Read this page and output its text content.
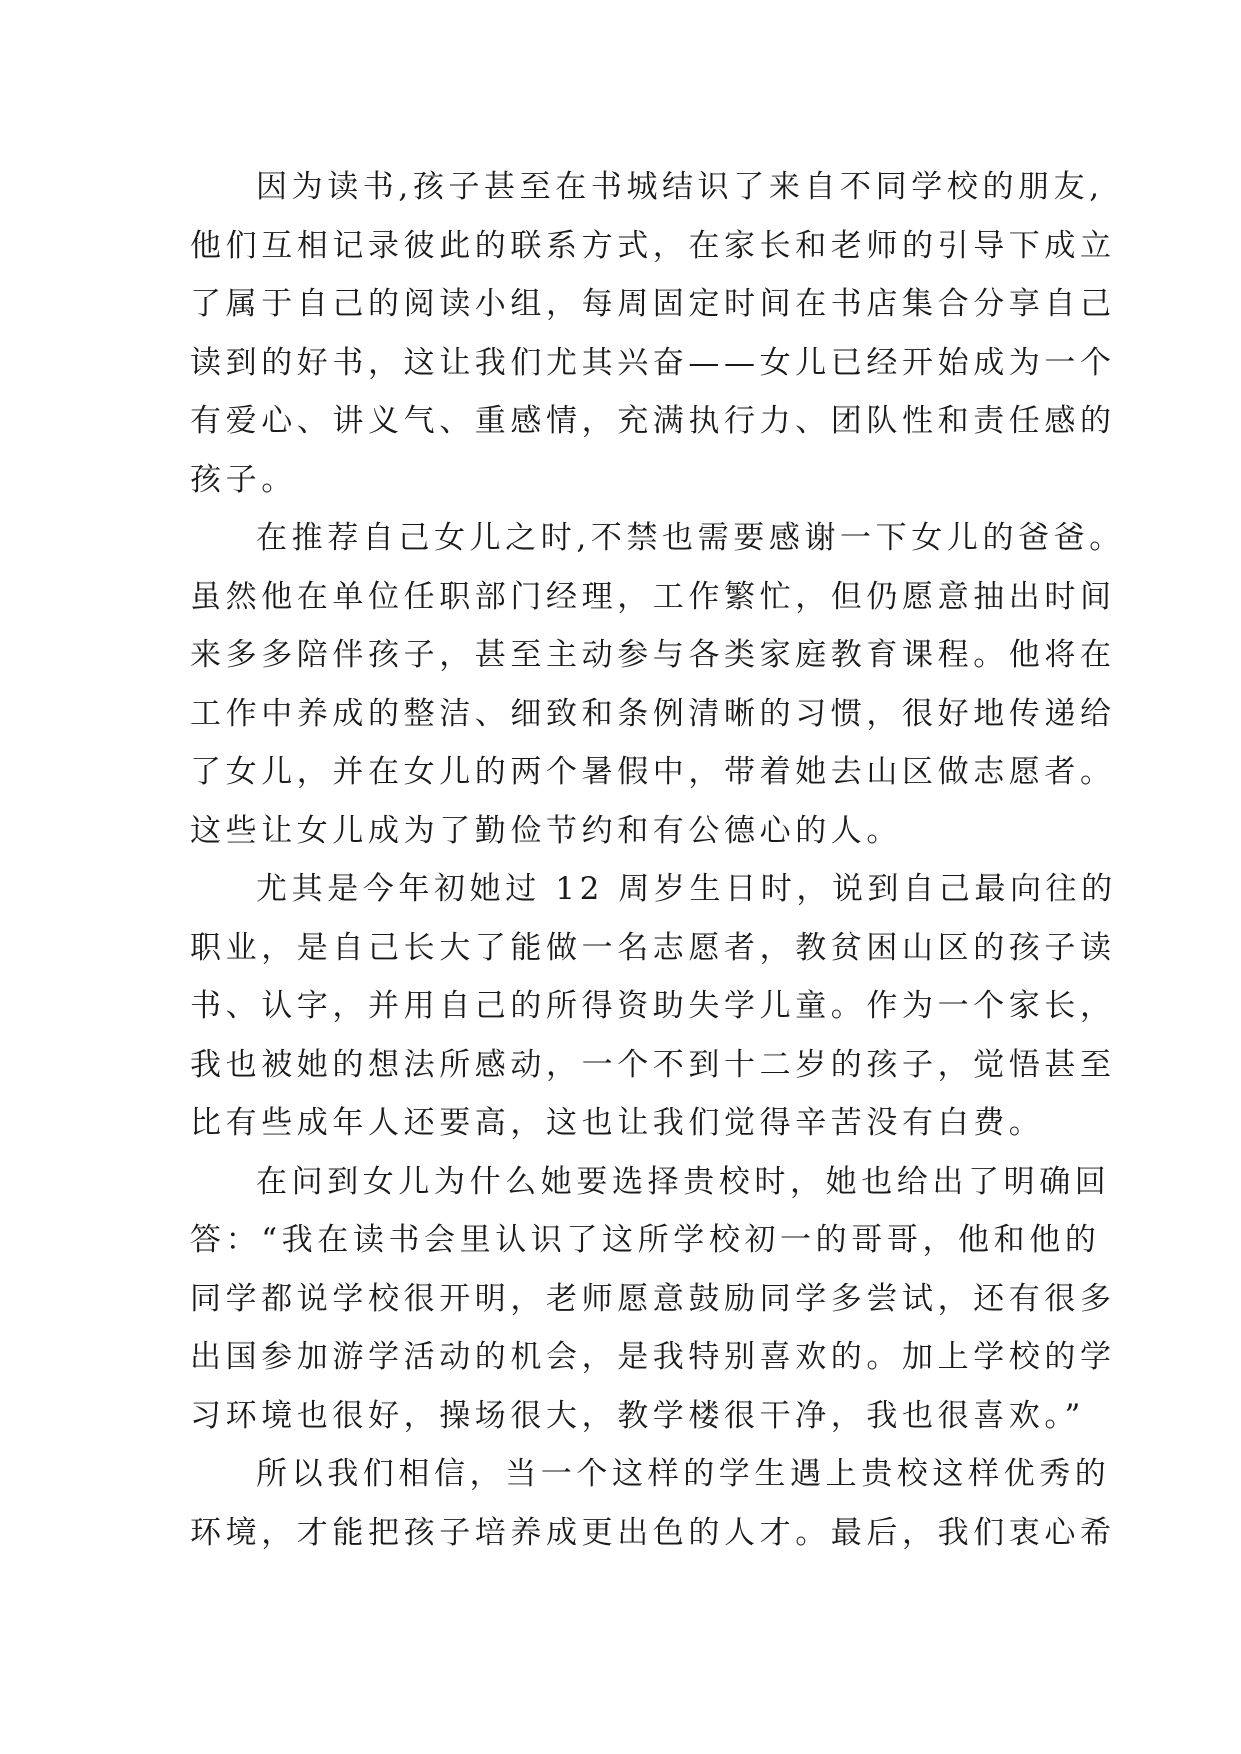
因为读书,孩子甚至在书城结识了来自不同学校的朋友,
他们互相记录彼此的联系方式，在家长和老师的引导下成立
了属于自己的阅读小组，每周固定时间在书店集合分享自己
读到的好书，这让我们尤其兴奋——女儿已经开始成为一个
有爱心、讲义气、重感情，充满执行力、团队性和责任感的
孩子。
在推荐自己女儿之时,不禁也需要感谢一下女儿的爸爸。
虽然他在单位任职部门经理，工作繁忙，但仍愿意抽出时间
来多多陪伴孩子，甚至主动参与各类家庭教育课程。他将在
工作中养成的整洁、细致和条例清晰的习惯，很好地传递给
了女儿，并在女儿的两个暑假中，带着她去山区做志愿者。
这些让女儿成为了勤俭节约和有公德心的人。
尤其是今年初她过 12 周岁生日时，说到自己最向往的
职业，是自己长大了能做一名志愿者，教贫困山区的孩子读
书、认字，并用自己的所得资助失学儿童。作为一个家长，
我也被她的想法所感动，一个不到十二岁的孩子，觉悟甚至
比有些成年人还要高，这也让我们觉得辛苦没有白费。
在问到女儿为什么她要选择贵校时，她也给出了明确回
答：“我在读书会里认识了这所学校初一的哥哥，他和他的
同学都说学校很开明，老师愿意鼓励同学多尝试，还有很多
出国参加游学活动的机会，是我特别喜欢的。加上学校的学
习环境也很好，操场很大，教学楼很干净，我也很喜欢。”
所以我们相信，当一个这样的学生遇上贵校这样优秀的
环境，才能把孩子培养成更出色的人才。最后，我们衷心希
